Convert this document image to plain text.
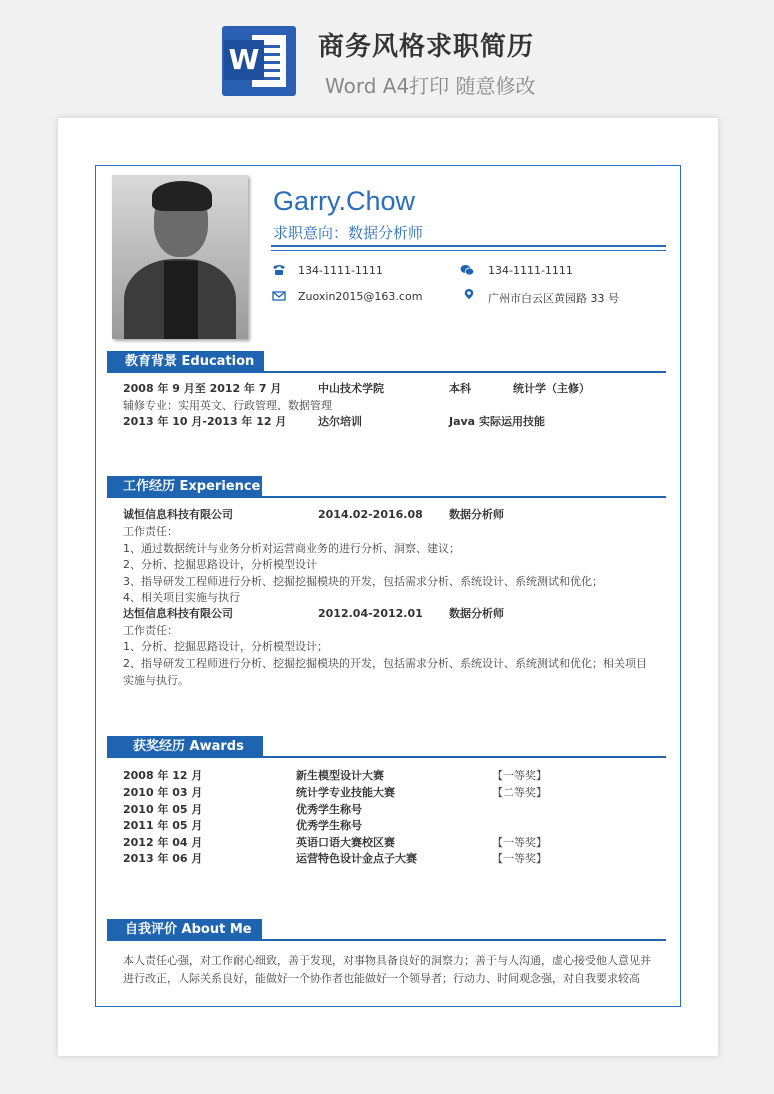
W 商务风格求职简历
Word A4打印 随意修改
Garry.Chow
求职意向：数据分析师
134-1111-1111	134-1111-1111
Zuoxin2015@163.com	广州市白云区黄园路 33 号
教育背景 Education
2008 年 9 月至 2012 年 7 月	中山技术学院	本科	统计学（主修）
辅修专业：实用英文、行政管理、数据管理
2013 年 10 月-2013 年 12 月	达尔培训	Java 实际运用技能
工作经历 Experience
诚恒信息科技有限公司	2014.02-2016.08 数据分析师
工作责任：
1、通过数据统计与业务分析对运营商业务的进行分析、洞察、建议；
2、分析、挖掘思路设计，分析模型设计
3、指导研发工程师进行分析、挖掘挖掘模块的开发，包括需求分析、系统设计、系统测试和优化；
4、相关项目实施与执行
达恒信息科技有限公司	2012.04-2012.01 数据分析师
工作责任：
1、分析、挖掘思路设计，分析模型设计；
2、指导研发工程师进行分析、挖掘挖掘模块的开发，包括需求分析、系统设计、系统测试和优化；相关项目
实施与执行。
获奖经历 Awards
2008 年 12 月	新生模型设计大赛	【一等奖】
2010 年 03 月	统计学专业技能大赛	【二等奖】
2010 年 05 月	优秀学生称号
2011 年 05 月	优秀学生称号
2012 年 04 月	英语口语大赛校区赛	【一等奖】
2013 年 06 月	运营特色设计金点子大赛	【一等奖】
自我评价 About Me
本人责任心强，对工作耐心细致，善于发现，对事物具备良好的洞察力；善于与人沟通，虚心接受他人意见并
进行改正，人际关系良好，能做好一个协作者也能做好一个领导者；行动力、时间观念强，对自我要求较高
